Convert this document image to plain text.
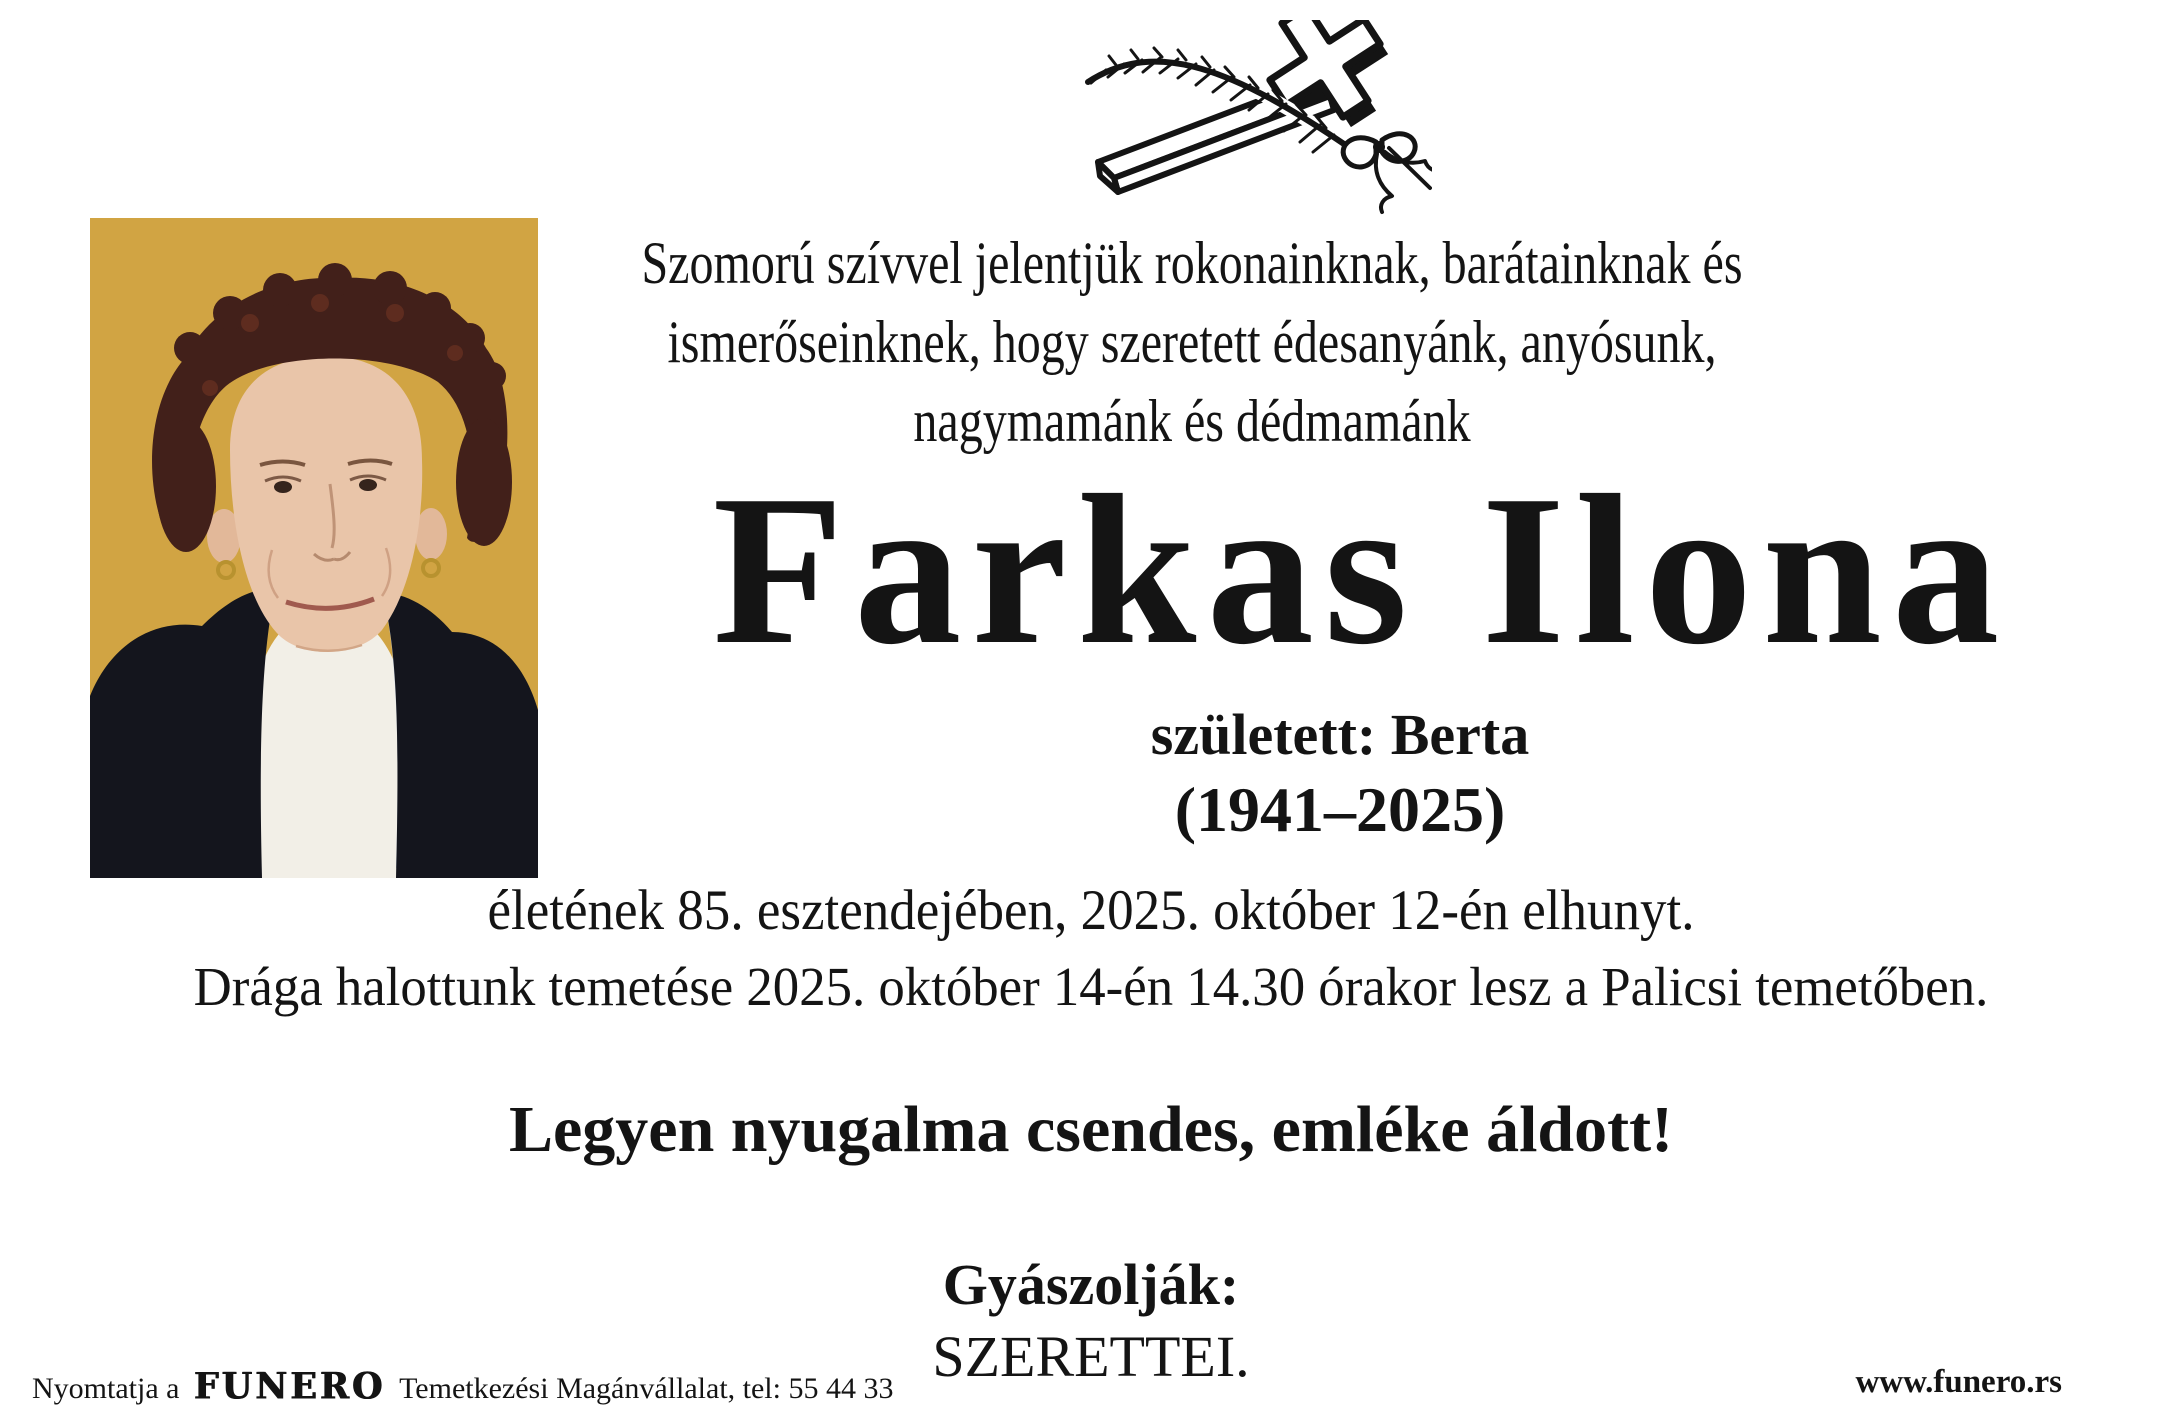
Szomorú szívvel jelentjük rokonainknak, barátainknak és
ismerőseinknek, hogy szeretett édesanyánk, anyósunk,
nagymamánk és dédmamánk
Farkas Ilona
született: Berta
(1941–2025)
életének 85. esztendejében, 2025. október 12-én elhunyt.
Drága halottunk temetése 2025. október 14-én 14.30 órakor lesz a Palicsi temetőben.
Legyen nyugalma csendes, emléke áldott!
Gyászolják:
SZERETTEI.
Nyomtatja a FUNERO Temetkezési Magánvállalat, tel: 55 44 33	www.funero.rs
